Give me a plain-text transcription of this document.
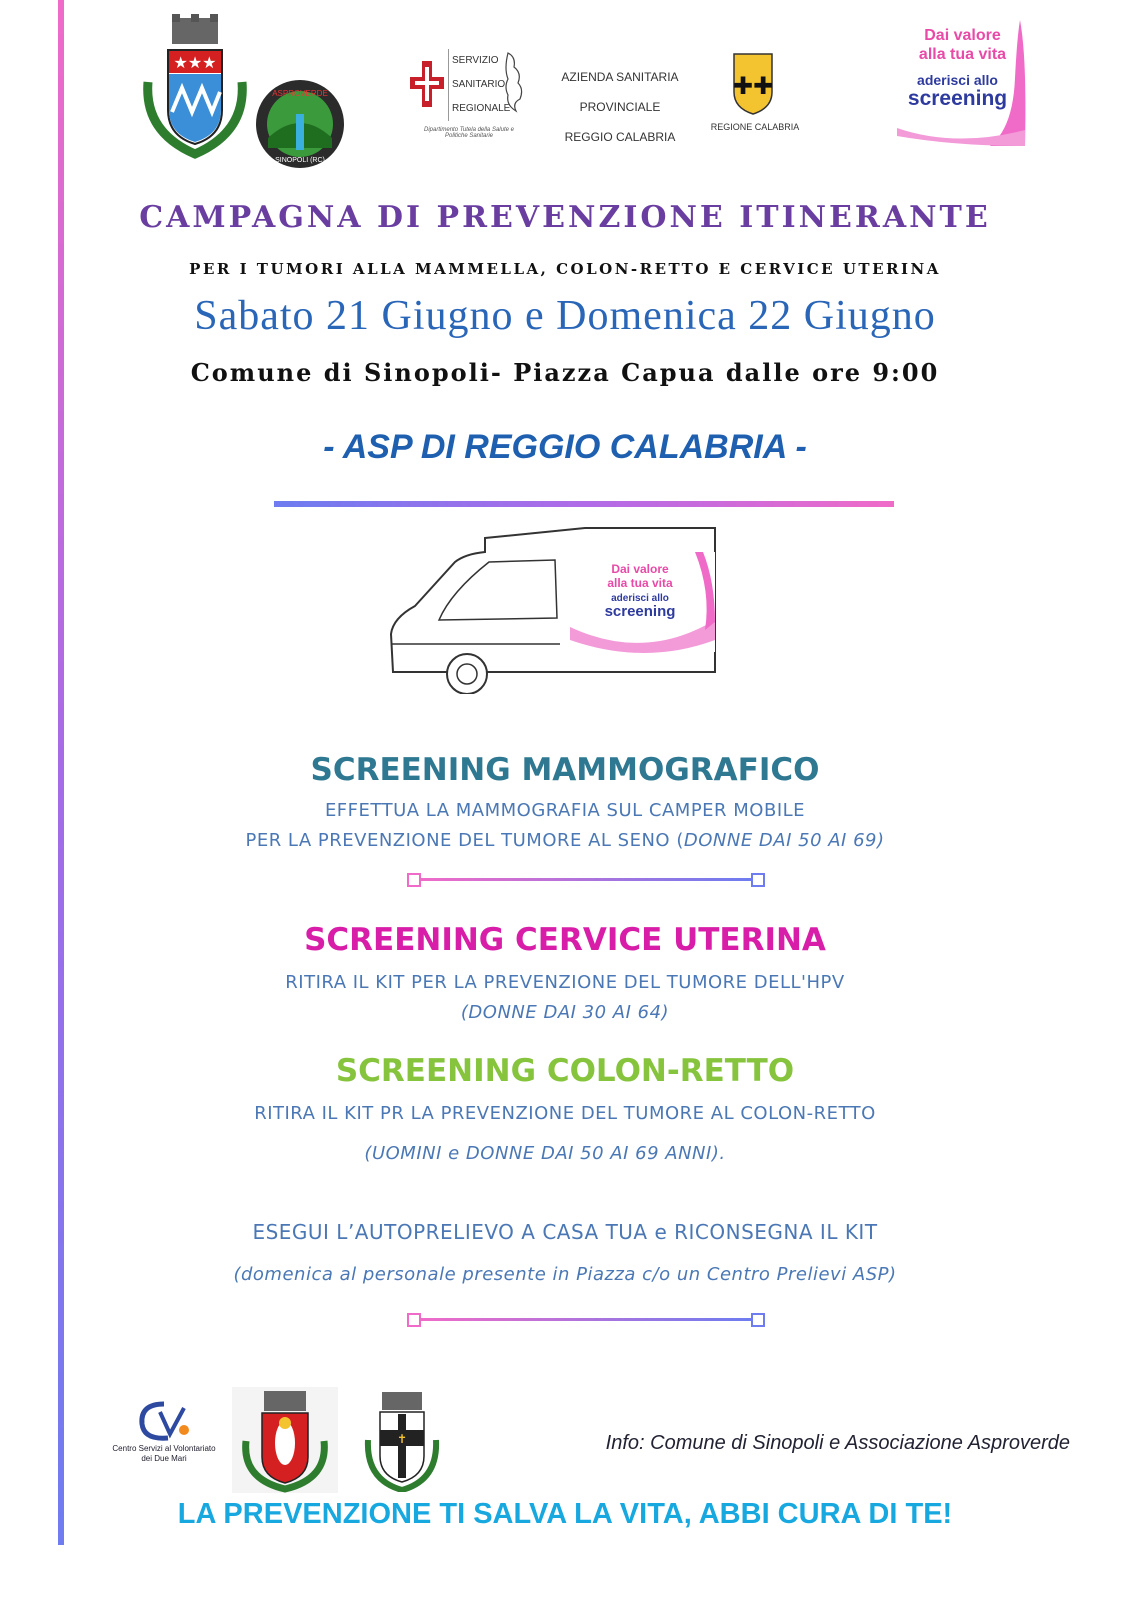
★★★
ASPROVERDE
SINOPOLI (RC)
SERVIZIO
SANITARIO
REGIONALE
Dipartimento Tutela della Salute e Politiche Sanitarie
AZIENDA SANITARIA PROVINCIALE
REGGIO CALABRIA
✚✚
REGIONE CALABRIA
Dai valore
alla tua vita
aderisci allo
screening
CAMPAGNA DI PREVENZIONE ITINERANTE
PER I TUMORI ALLA MAMMELLA, COLON-RETTO E CERVICE UTERINA
Sabato 21 Giugno e Domenica 22 Giugno
Comune di Sinopoli- Piazza Capua dalle ore 9:00
- ASP DI REGGIO CALABRIA -
Dai valore
alla tua vita
aderisci allo
screening
SCREENING MAMMOGRAFICO
EFFETTUA LA MAMMOGRAFIA SUL CAMPER MOBILE
PER LA PREVENZIONE DEL TUMORE AL SENO (DONNE DAI 50 AI 69)
SCREENING CERVICE UTERINA
RITIRA IL KIT PER LA PREVENZIONE DEL TUMORE DELL'HPV
(DONNE DAI 30 AI 64)
SCREENING COLON-RETTO
RITIRA IL KIT PR LA PREVENZIONE DEL TUMORE AL COLON-RETTO
(UOMINI e DONNE DAI 50 AI 69 ANNI).
ESEGUI L’AUTOPRELIEVO A CASA TUA e RICONSEGNA IL KIT
(domenica al personale presente in Piazza c/o un Centro Prelievi ASP)
Centro Servizi al Volontariato
dei Due Mari
✝	Info: Comune di Sinopoli e Associazione Asproverde
LA PREVENZIONE TI SALVA LA VITA, ABBI CURA DI TE!
